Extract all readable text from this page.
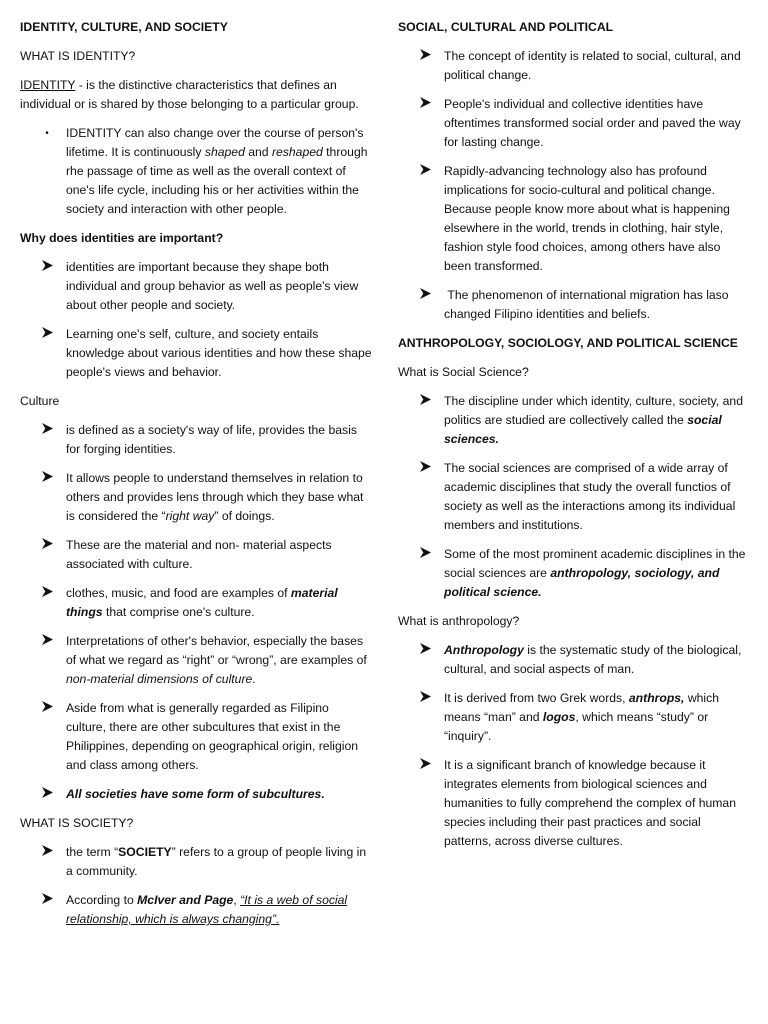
IDENTITY, CULTURE, AND SOCIETY

WHAT IS IDENTITY?

IDENTITY - is the distinctive characteristics that defines an individual or is shared by those belonging to a particular group.

•	IDENTITY can also change over the course of person's lifetime. It is continuously shaped and reshaped through rhe passage of time as well as the overall context of one's life cycle, including his or her activities within the society and interaction with other people.

Why does identities are important?

identities are important because they shape both individual and group behavior as well as people's view about other people and society.
Learning one's self, culture, and society entails knowledge about various identities and how these shape people's views and behavior.

Culture

is defined as a society's way of life, provides the basis for forging identities.
It allows people to understand themselves in relation to others and provides lens through which they base what is considered the “right way” of doings.
These are the material and non- material aspects associated with culture.
clothes, music, and food are examples of material things that comprise one's culture.
Interpretations of other's behavior, especially the bases of what we regard as “right” or “wrong”, are examples of non-material dimensions of culture.
Aside from what is generally regarded as Filipino culture, there are other subcultures that exist in the Philippines, depending on geographical origin, religion and class among others.
All societies have some form of subcultures.

WHAT IS SOCIETY?

the term “SOCIETY” refers to a group of people living in a community.
According to McIver and Page, “It is a web of social relationship, which is always changing”.

SOCIAL, CULTURAL AND POLITICAL

The concept of identity is related to social, cultural, and political change.
People's individual and collective identities have oftentimes transformed social order and paved the way for lasting change.
Rapidly-advancing technology also has profound implications for socio-cultural and political change. Because people know more about what is happening elsewhere in the world, trends in clothing, hair style, fashion style food choices, among others have also been transformed.
The phenomenon of international migration has laso changed Filipino identities and beliefs.

ANTHROPOLOGY, SOCIOLOGY, AND POLITICAL SCIENCE

What is Social Science?

The discipline under which identity, culture, society, and politics are studied are collectively called the social sciences.
The social sciences are comprised of a wide array of academic disciplines that study the overall functios of society as well as the interactions among its individual members and institutions.
Some of the most prominent academic disciplines in the social sciences are anthropology, sociology, and political science.

What is anthropology?

Anthropology is the systematic study of the biological, cultural, and social aspects of man.
It is derived from two Grek words, anthrops, which means “man” and logos, which means “study” or “inquiry”.
It is a significant branch of knowledge because it integrates elements from biological sciences and humanities to fully comprehend the complex of human species including their past practices and social patterns, across diverse cultures.
